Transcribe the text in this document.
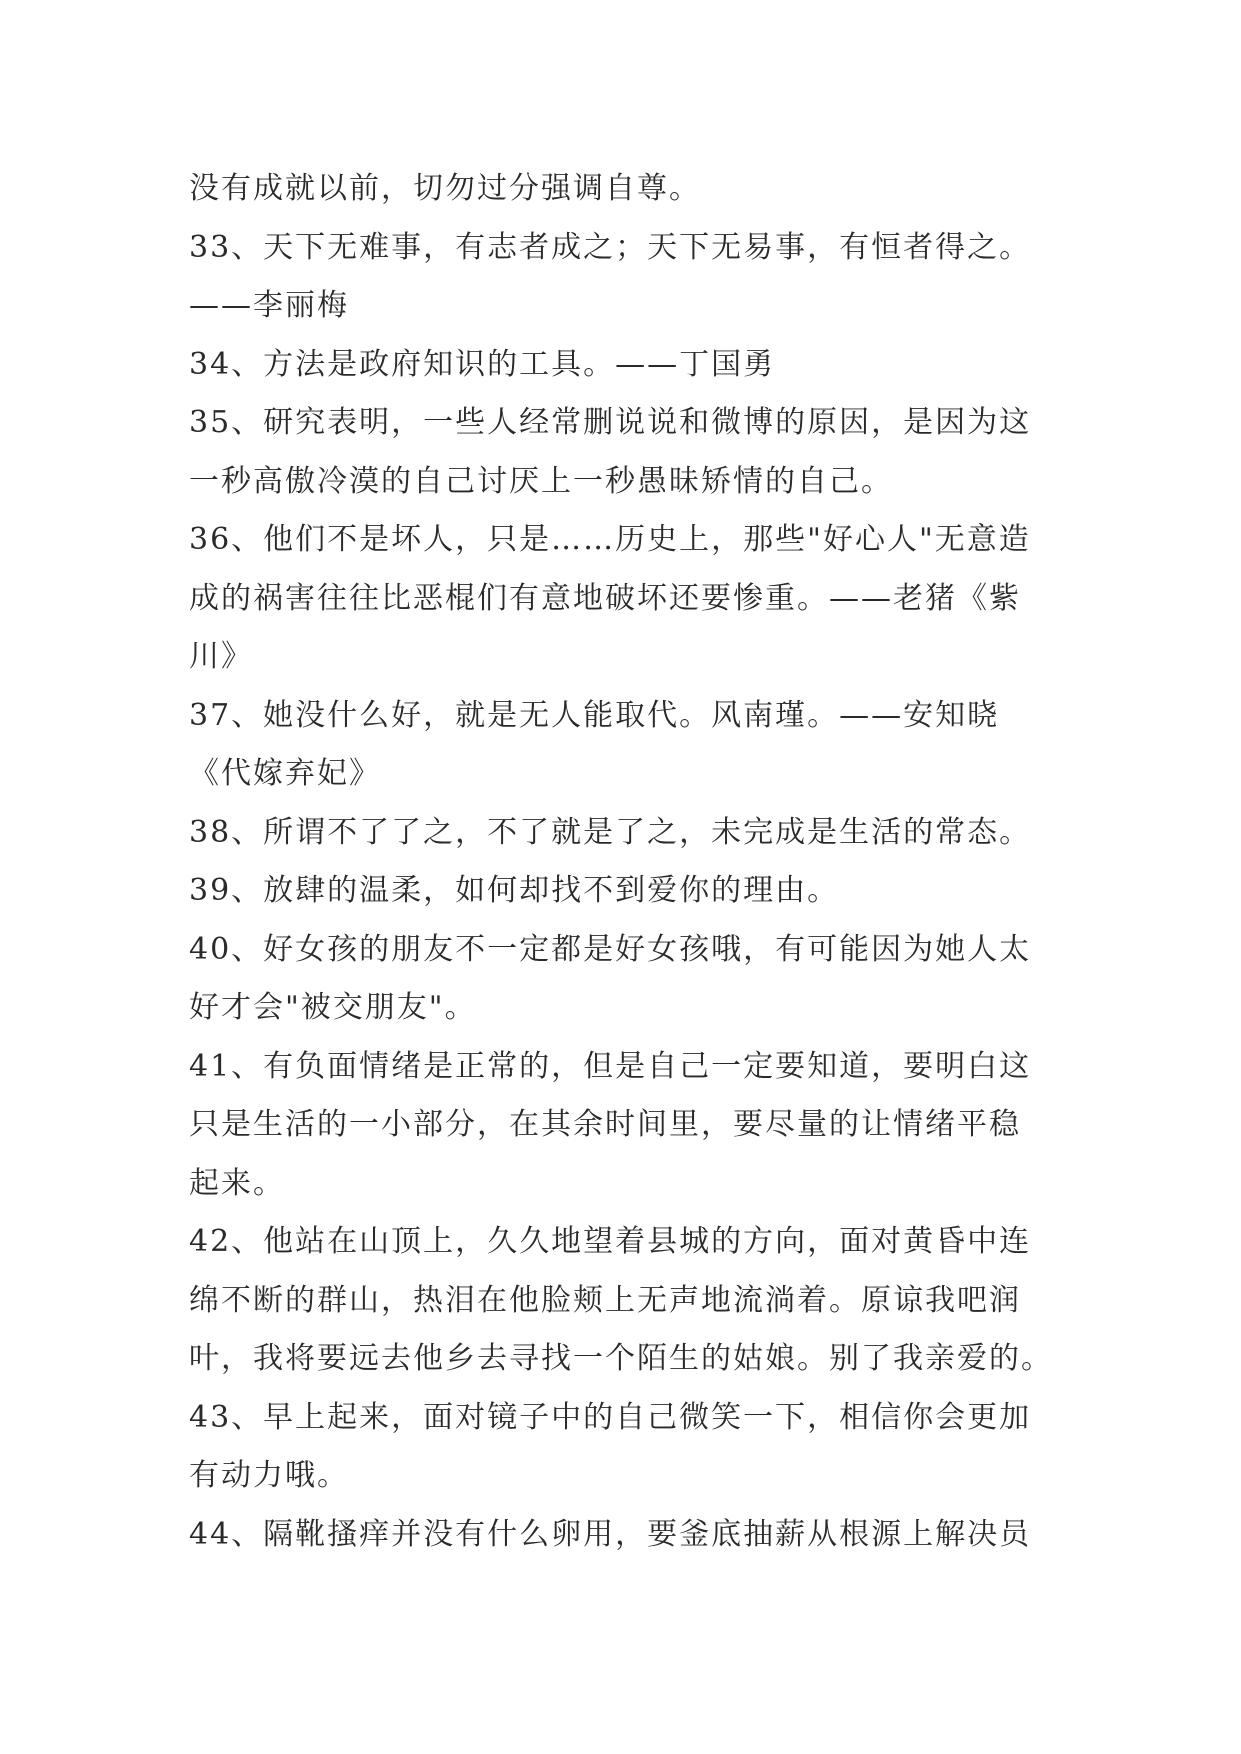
没有成就以前，切勿过分强调自尊。
33、天下无难事，有志者成之；天下无易事，有恒者得之。
——李丽梅
34、方法是政府知识的工具。——丁国勇
35、研究表明，一些人经常删说说和微博的原因，是因为这
一秒高傲冷漠的自己讨厌上一秒愚昧矫情的自己。
36、他们不是坏人，只是……历史上，那些"好心人"无意造
成的祸害往往比恶棍们有意地破坏还要惨重。——老猪《紫
川》
37、她没什么好，就是无人能取代。风南瑾。——安知晓
《代嫁弃妃》
38、所谓不了了之，不了就是了之，未完成是生活的常态。
39、放肆的温柔，如何却找不到爱你的理由。
40、好女孩的朋友不一定都是好女孩哦，有可能因为她人太
好才会"被交朋友"。
41、有负面情绪是正常的，但是自己一定要知道，要明白这
只是生活的一小部分，在其余时间里，要尽量的让情绪平稳
起来。
42、他站在山顶上，久久地望着县城的方向，面对黄昏中连
绵不断的群山，热泪在他脸颊上无声地流淌着。原谅我吧润
叶，我将要远去他乡去寻找一个陌生的姑娘。别了我亲爱的。
43、早上起来，面对镜子中的自己微笑一下，相信你会更加
有动力哦。
44、隔靴搔痒并没有什么卵用，要釜底抽薪从根源上解决员
